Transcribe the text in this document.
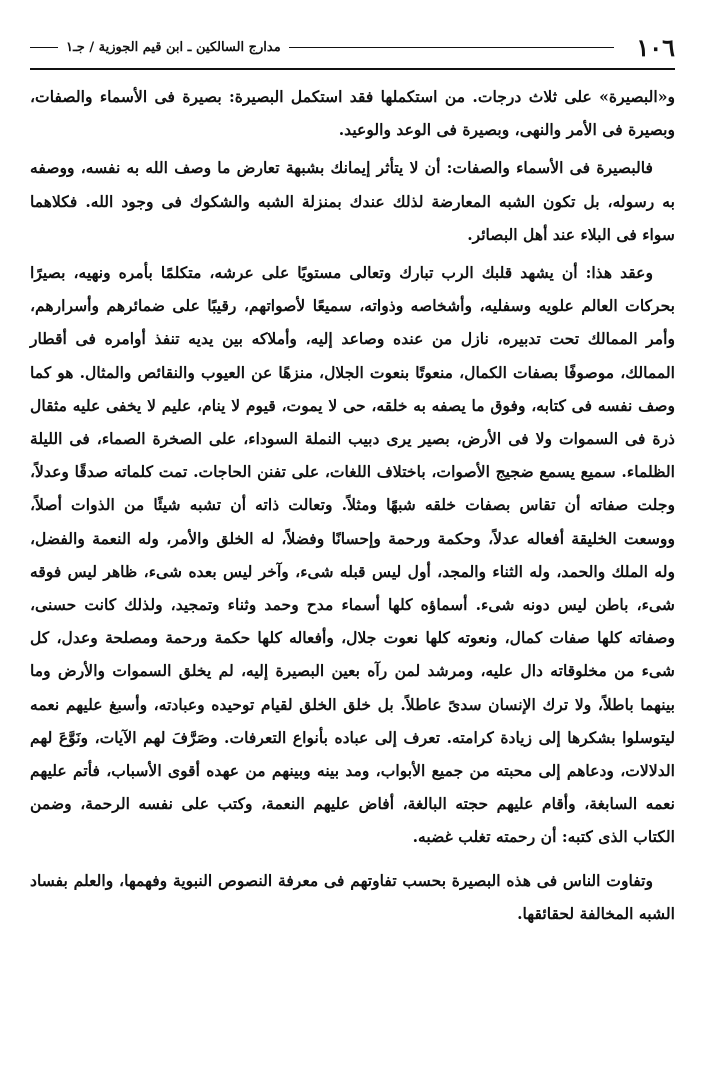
١٠٦
مدارج السالكين ـ ابن قيم الجوزية / جـ١

و«البصيرة» على ثلاث درجات. من استكملها فقد استكمل البصيرة: بصيرة فى الأسماء والصفات، وبصيرة فى الأمر والنهى، وبصيرة فى الوعد والوعيد.

فالبصيرة فى الأسماء والصفات: أن لا يتأثر إيمانك بشبهة تعارض ما وصف الله به نفسه، ووصفه به رسوله، بل تكون الشبه المعارضة لذلك عندك بمنزلة الشبه والشكوك فى وجود الله. فكلاهما سواء فى البلاء عند أهل البصائر.

وعقد هذا: أن يشهد قلبك الرب تبارك وتعالى مستويًا على عرشه، متكلمًا بأمره ونهيه، بصيرًا بحركات العالم علويه وسفليه، وأشخاصه وذواته، سميعًا لأصواتهم، رقيبًا على ضمائرهم وأسرارهم، وأمر الممالك تحت تدبيره، نازل من عنده وصاعد إليه، وأملاكه بين يديه تنفذ أوامره فى أقطار الممالك، موصوفًا بصفات الكمال، منعوتًا بنعوت الجلال، منزهًا عن العيوب والنقائص والمثال. هو كما وصف نفسه فى كتابه، وفوق ما يصفه به خلقه، حى لا يموت، قيوم لا ينام، عليم لا يخفى عليه مثقال ذرة فى السموات ولا فى الأرض، بصير يرى دبيب النملة السوداء، على الصخرة الصماء، فى الليلة الظلماء. سميع يسمع ضجيج الأصوات، باختلاف اللغات، على تفنن الحاجات. تمت كلماته صدقًا وعدلاً، وجلت صفاته أن تقاس بصفات خلقه شبهًا ومثلاً. وتعالت ذاته أن تشبه شيئًا من الذوات أصلاً، ووسعت الخليقة أفعاله عدلاً، وحكمة ورحمة وإحسانًا وفضلاً، له الخلق والأمر، وله النعمة والفضل، وله الملك والحمد، وله الثناء والمجد، أول ليس قبله شىء، وآخر ليس بعده شىء، ظاهر ليس فوقه شىء، باطن ليس دونه شىء. أسماؤه كلها أسماء مدح وحمد وثناء وتمجيد، ولذلك كانت حسنى، وصفاته كلها صفات كمال، ونعوته كلها نعوت جلال، وأفعاله كلها حكمة ورحمة ومصلحة وعدل، كل شىء من مخلوقاته دال عليه، ومرشد لمن رآه بعين البصيرة إليه، لم يخلق السموات والأرض وما بينهما باطلاً، ولا ترك الإنسان سدىً عاطلاً. بل خلق الخلق لقيام توحيده وعبادته، وأسبغ عليهم نعمه ليتوسلوا بشكرها إلى زيادة كرامته. تعرف إلى عباده بأنواع التعرفات. وصَرَّفَ لهم الآيات، ونَوَّعَ لهم الدلالات، ودعاهم إلى محبته من جميع الأبواب، ومد بينه وبينهم من عهده أقوى الأسباب، فأتم عليهم نعمه السابغة، وأقام عليهم حجته البالغة، أفاض عليهم النعمة، وكتب على نفسه الرحمة، وضمن الكتاب الذى كتبه: أن رحمته تغلب غضبه.

وتفاوت الناس فى هذه البصيرة بحسب تفاوتهم فى معرفة النصوص النبوية وفهمها، والعلم بفساد الشبه المخالفة لحقائقها.
